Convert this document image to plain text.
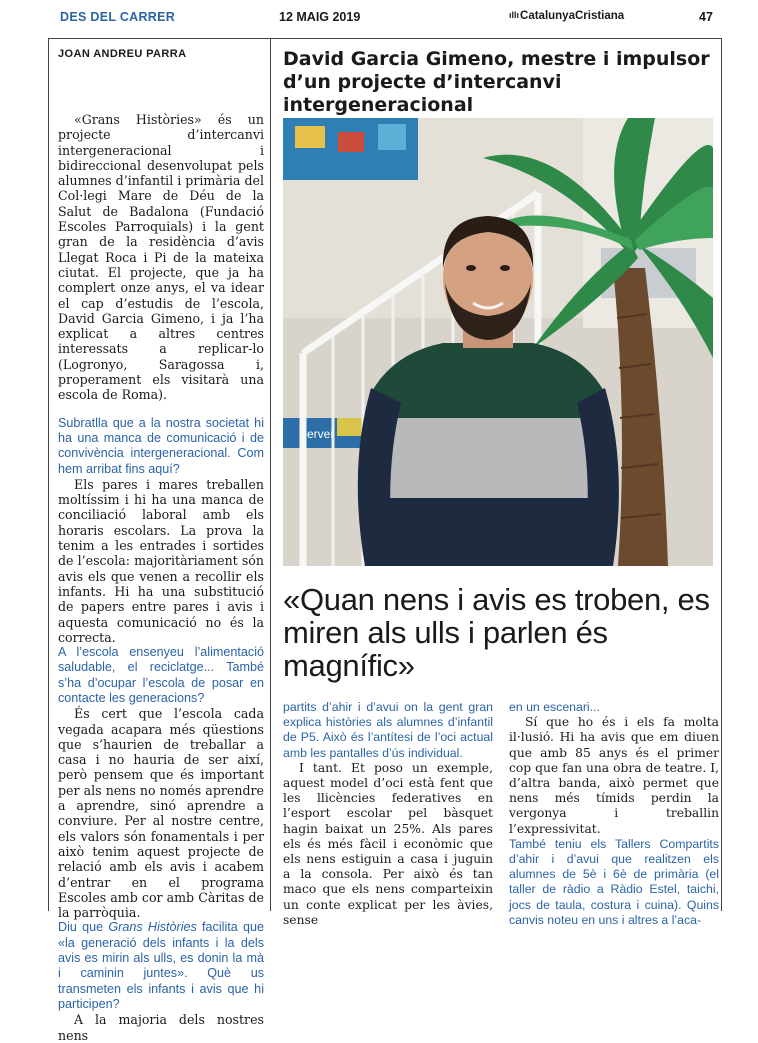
DES DEL CARRER	12 MAIG 2019	ıllıCatalunyaCristiana	47
JOAN ANDREU PARRA

«Grans Històries» és un projecte d’intercanvi intergeneracional i bidireccional desenvolupat pels alumnes d’infantil i primària del Col·legi Mare de Déu de la Salut de Badalona (Fundació Escoles Parroquials) i la gent gran de la residència d’avis Llegat Roca i Pi de la mateixa ciutat. El projecte, que ja ha complert onze anys, el va idear el cap d’estudis de l’escola, David Garcia Gimeno, i ja l’ha explicat a altres centres interessats a replicar-lo (Logronyo, Saragossa i, properament els visitarà una escola de Roma).

Subratlla que a la nostra societat hi ha una manca de comunicació i de convivència intergeneracional. Com hem arribat fins aquí?

Els pares i mares treballen moltíssim i hi ha una manca de conciliació laboral amb els horaris escolars. La prova la tenim a les entrades i sortides de l’escola: majoritàriament són avis els que venen a recollir els infants. Hi ha una substitució de papers entre pares i avis i aquesta comunicació no és la correcta.

A l’escola ensenyeu l’alimentació saludable, el reciclatge... També s’ha d’ocupar l’escola de posar en contacte les generacions?

És cert que l’escola cada vegada acapara més qüestions que s’haurien de treballar a casa i no hauria de ser així, però pensem que és important per als nens no només aprendre a aprendre, sinó aprendre a conviure. Per al nostre centre, els valors són fonamentals i per això tenim aquest projecte de relació amb els avis i acabem d’entrar en el programa Escoles amb cor amb Càritas de la parròquia.

Diu que Grans Històries facilita que «la generació dels infants i la dels avis es mirin als ulls, es donin la mà i caminin juntes». Què us transmeten els infants i avis que hi participen?

A la majoria dels nostres nens

David Garcia Gimeno, mestre i impulsor d’un projecte d’intercanvi intergeneracional
servei
«Quan nens i avis es troben, es miren als ulls i parlen és magnífic»

partits d’ahir i d’avui on la gent gran explica històries als alumnes d’infantil de P5. Això és l’antítesi de l’oci actual amb les pantalles d’ús individual.

I tant. Et poso un exemple, aquest model d’oci està fent que les llicències federatives en l’esport escolar pel bàsquet hagin baixat un 25%. Als pares els és més fàcil i econòmic que els nens estiguin a casa i juguin a la consola. Per això és tan maco que els nens comparteixin un conte explicat per les àvies, sense

en un escenari...

Sí que ho és i els fa molta il·lusió. Hi ha avis que em diuen que amb 85 anys és el primer cop que fan una obra de teatre. I, d’altra banda, això permet que nens més tímids perdin la vergonya i treballin l’expressivitat.

També teniu els Tallers Compartits d’ahir i d’avui que realitzen els alumnes de 5è i 6è de primària (el taller de ràdio a Ràdio Estel, taichi, jocs de taula, costura i cuina). Quins canvis noteu en uns i altres a l’aca-
